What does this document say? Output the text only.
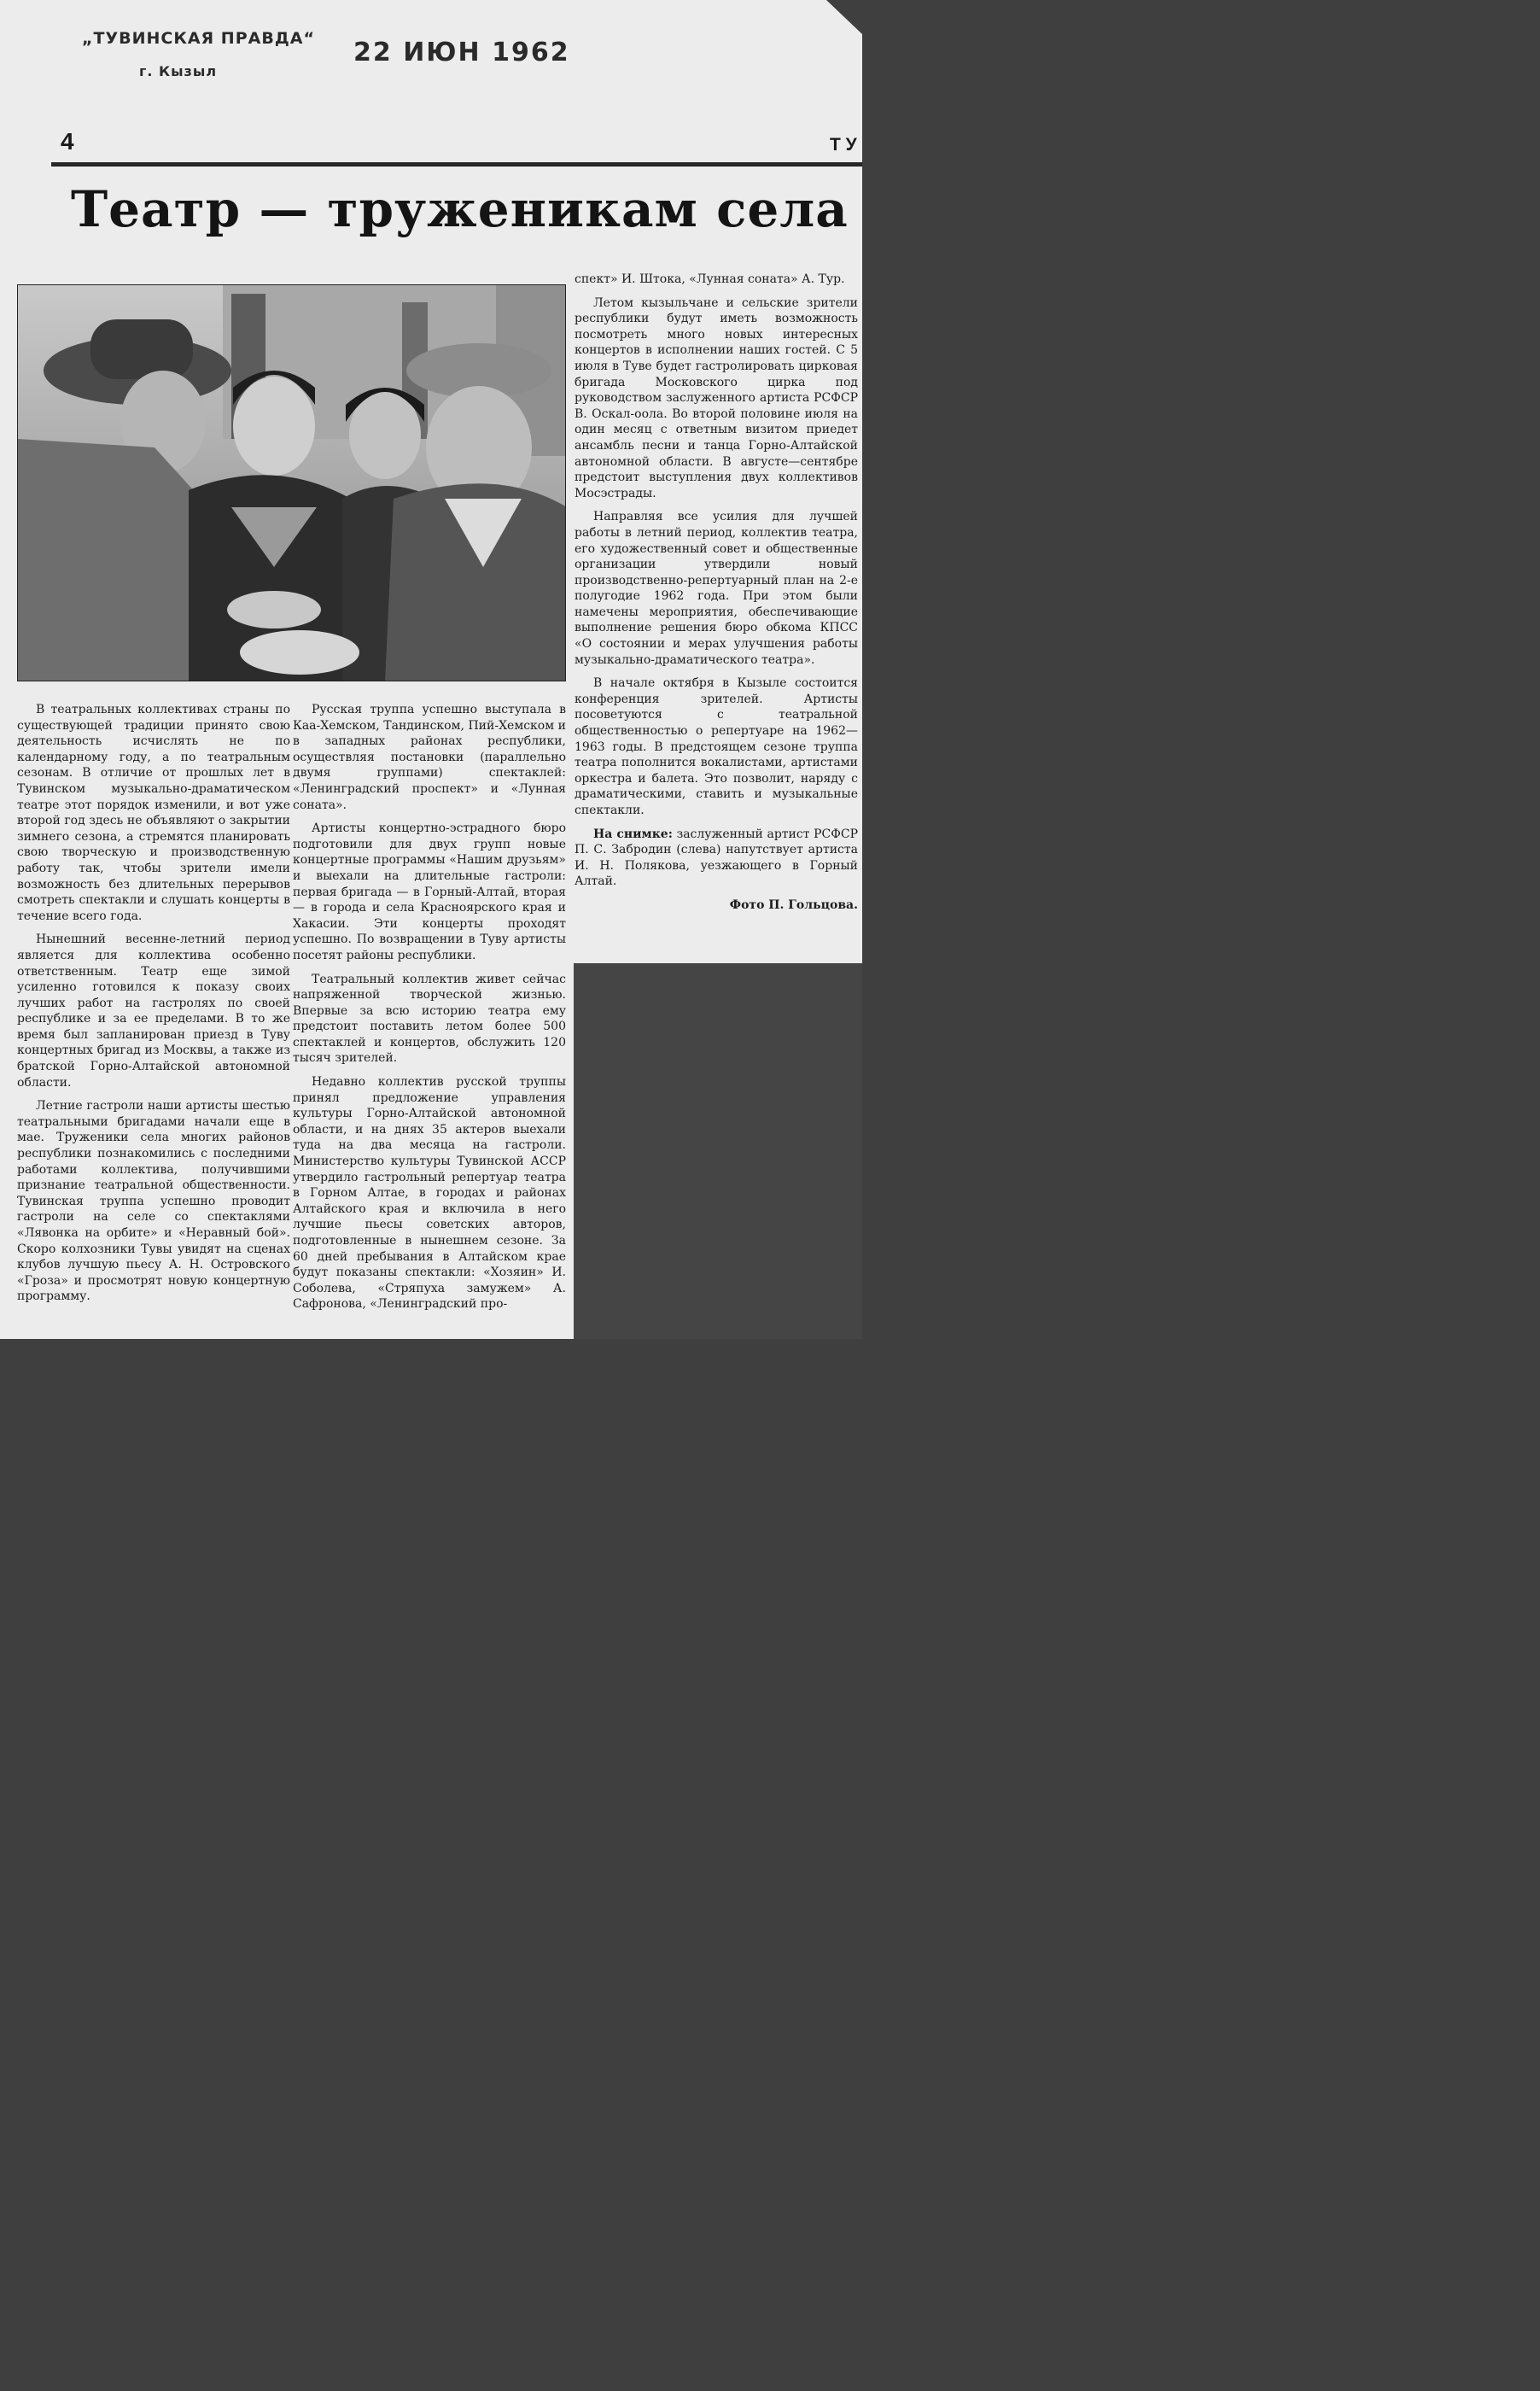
„ТУВИНСКАЯ ПРАВДА“
г. Кызыл
22 ИЮН 1962
4	Т У
Театр — труженикам села

В театральных коллективах страны по существующей традиции принято свою деятельность исчислять не по календарному году, а по театральным сезонам. В отличие от прошлых лет в Тувинском музыкально-драматическом театре этот порядок изменили, и вот уже второй год здесь не объявляют о закрытии зимнего сезона, а стремятся планировать свою творческую и производственную работу так, чтобы зрители имели возможность без длительных перерывов смотреть спектакли и слушать концерты в течение всего года.

Нынешний весенне-летний период является для коллектива особенно ответственным. Театр еще зимой усиленно готовился к показу своих лучших работ на гастролях по своей республике и за ее пределами. В то же время был запланирован приезд в Туву концертных бригад из Москвы, а также из братской Горно-Алтайской автономной области.

Летние гастроли наши артисты шестью театральными бригадами начали еще в мае. Труженики села многих районов республики познакомились с последними работами коллектива, получившими признание театральной общественности. Тувинская труппа успешно проводит гастроли на селе со спектаклями «Лявонка на орбите» и «Неравный бой». Скоро колхозники Тувы увидят на сценах клубов лучшую пьесу А. Н. Островского «Гроза» и просмотрят новую концертную программу.

Русская труппа успешно выступала в Каа-Хемском, Тандинском, Пий-Хемском и в западных районах республики, осуществляя постановки (параллельно двумя группами) спектаклей: «Ленинградский проспект» и «Лунная соната».

Артисты концертно-эстрадного бюро подготовили для двух групп новые концертные программы «Нашим друзьям» и выехали на длительные гастроли: первая бригада — в Горный-Алтай, вторая — в города и села Красноярского края и Хакасии. Эти концерты проходят успешно. По возвращении в Туву артисты посетят районы республики.

Театральный коллектив живет сейчас напряженной творческой жизнью. Впервые за всю историю театра ему предстоит поставить летом более 500 спектаклей и концертов, обслужить 120 тысяч зрителей.

Недавно коллектив русской труппы принял предложение управления культуры Горно-Алтайской автономной области, и на днях 35 актеров выехали туда на два месяца на гастроли. Министерство культуры Тувинской АССР утвердило гастрольный репертуар театра в Горном Алтае, в городах и районах Алтайского края и включила в него лучшие пьесы советских авторов, подготовленные в нынешнем сезоне. За 60 дней пребывания в Алтайском крае будут показаны спектакли: «Хозяин» И. Соболева, «Стряпуха замужем» А. Сафронова, «Ленинградский про-

спект» И. Штока, «Лунная соната» А. Тур.

Летом кызыльчане и сельские зрители республики будут иметь возможность посмотреть много новых интересных концертов в исполнении наших гостей. С 5 июля в Туве будет гастролировать цирковая бригада Московского цирка под руководством заслуженного артиста РСФСР В. Оскал-оола. Во второй половине июля на один месяц с ответным визитом приедет ансамбль песни и танца Горно-Алтайской автономной области. В августе—сентябре предстоит выступления двух коллективов Мосэстрады.

Направляя все усилия для лучшей работы в летний период, коллектив театра, его художественный совет и общественные организации утвердили новый производственно-репертуарный план на 2-е полугодие 1962 года. При этом были намечены мероприятия, обеспечивающие выполнение решения бюро обкома КПСС «О состоянии и мерах улучшения работы музыкально-драматического театра».

В начале октября в Кызыле состоится конференция зрителей. Артисты посоветуются с театральной общественностью о репертуаре на 1962—1963 годы. В предстоящем сезоне труппа театра пополнится вокалистами, артистами оркестра и балета. Это позволит, наряду с драматическими, ставить и музыкальные спектакли.

На снимке: заслуженный артист РСФСР П. С. Забродин (слева) напутствует артиста И. Н. Полякова, уезжающего в Горный Алтай.

Фото П. Гольцова.
